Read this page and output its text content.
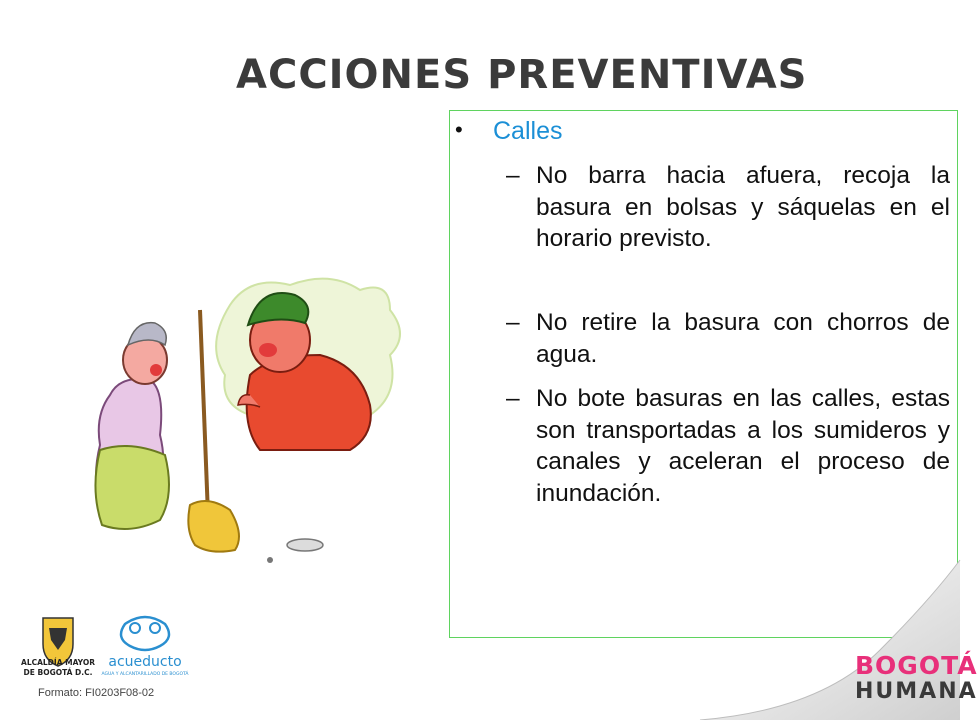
ACCIONES PREVENTIVAS
• Calles
– No barra hacia afuera, recoja la basura en bolsas y sáquelas en el horario previsto.
– No retire la basura con chorros de agua.
– No bote basuras en las calles, estas son transportadas a los sumideros y canales y aceleran el proceso de inundación.
ALCALDÍA MAYOR
DE BOGOTÁ D.C.
acueducto
AGUA Y ALCANTARILLADO DE BOGOTÁ
Formato: FI0203F08-02
BOGOTÁ
HUMANA
